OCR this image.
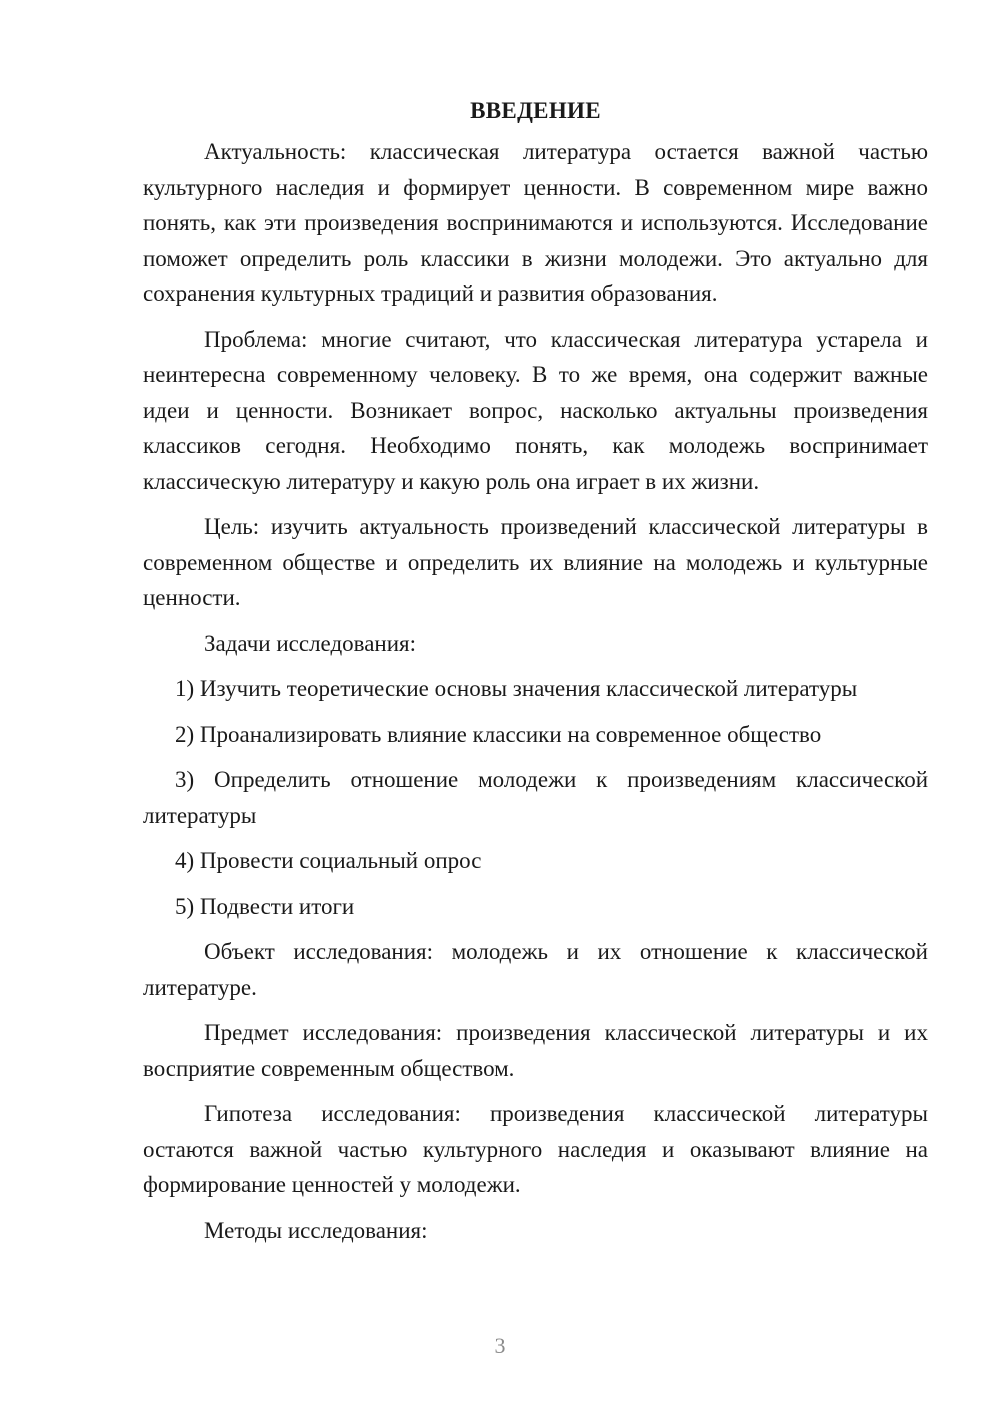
ВВЕДЕНИЕ

Актуальность: классическая литература остается важной частью культурного наследия и формирует ценности. В современном мире важно понять, как эти произведения воспринимаются и используются. Исследование поможет определить роль классики в жизни молодежи. Это актуально для сохранения культурных традиций и развития образования.

Проблема: многие считают, что классическая литература устарела и неинтересна современному человеку. В то же время, она содержит важные идеи и ценности. Возникает вопрос, насколько актуальны произведения классиков сегодня. Необходимо понять, как молодежь воспринимает классическую литературу и какую роль она играет в их жизни.

Цель: изучить актуальность произведений классической литературы в современном обществе и определить их влияние на молодежь и культурные ценности.

Задачи исследования:

1) Изучить теоретические основы значения классической литературы

2) Проанализировать влияние классики на современное общество

3) Определить отношение молодежи к произведениям классической литературы

4) Провести социальный опрос

5) Подвести итоги

Объект исследования: молодежь и их отношение к классической литературе.

Предмет исследования: произведения классической литературы и их восприятие современным обществом.

Гипотеза исследования: произведения классической литературы остаются важной частью культурного наследия и оказывают влияние на формирование ценностей у молодежи.

Методы исследования:

3
